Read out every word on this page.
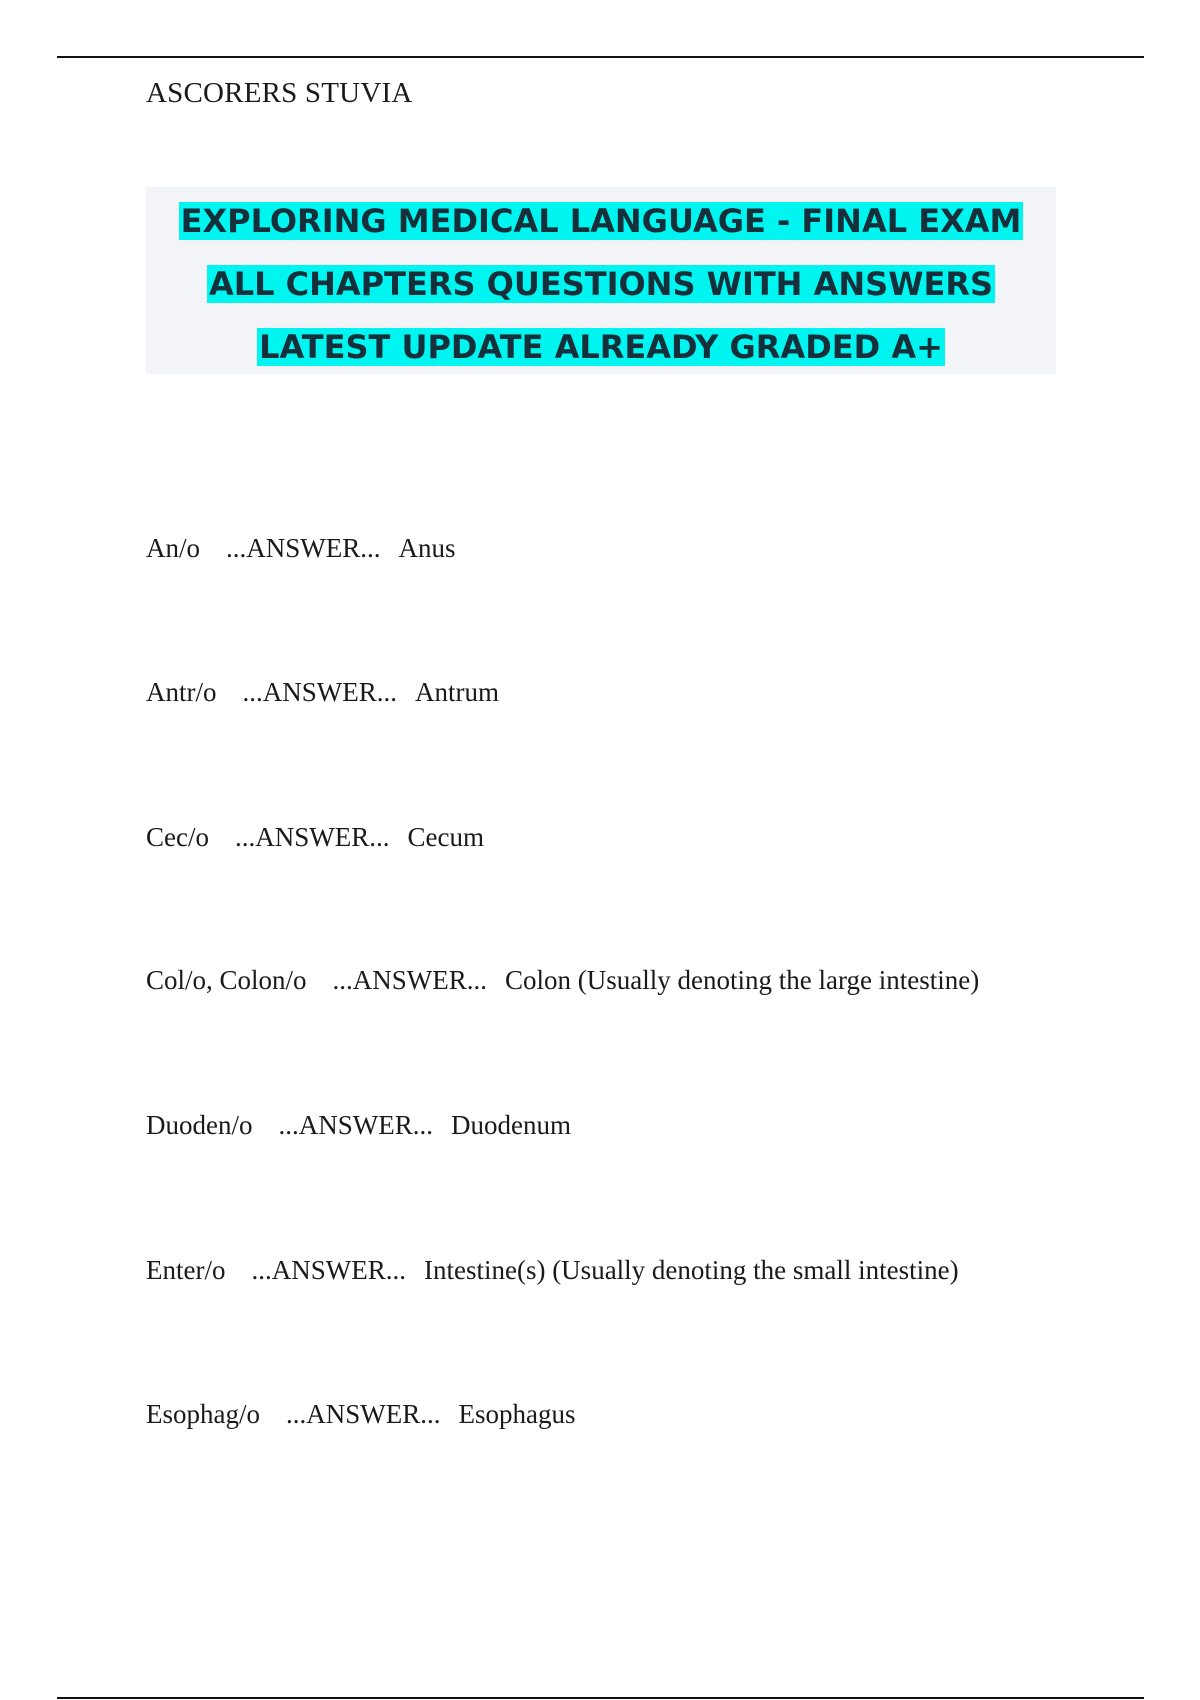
ASCORERS STUVIA
EXPLORING MEDICAL LANGUAGE - FINAL EXAM
ALL CHAPTERS QUESTIONS WITH ANSWERS
LATEST UPDATE ALREADY GRADED A+
An/o ...ANSWER... Anus
Antr/o ...ANSWER... Antrum
Cec/o ...ANSWER... Cecum
Col/o, Colon/o ...ANSWER... Colon (Usually denoting the large intestine)
Duoden/o ...ANSWER... Duodenum
Enter/o ...ANSWER... Intestine(s) (Usually denoting the small intestine)
Esophag/o ...ANSWER... Esophagus
